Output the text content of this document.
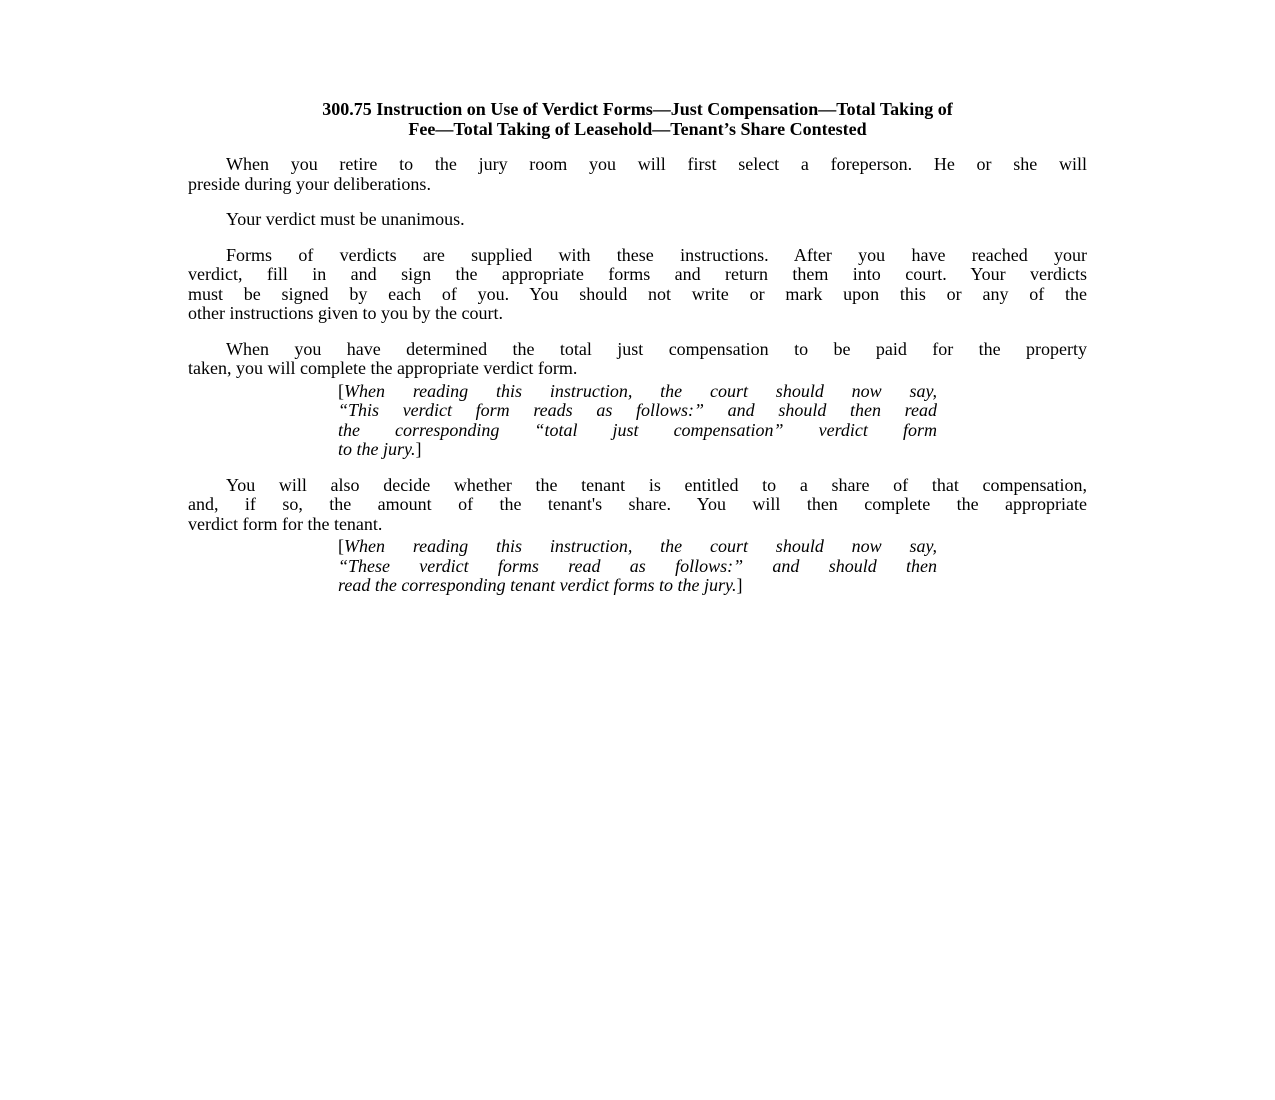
300.75 Instruction on Use of Verdict Forms—Just Compensation—Total Taking of
Fee—Total Taking of Leasehold—Tenant’s Share Contested
When you retire to the jury room you will first select a foreperson. He or she will
preside during your deliberations.
Your verdict must be unanimous.
Forms of verdicts are supplied with these instructions. After you have reached your
verdict, fill in and sign the appropriate forms and return them into court. Your verdicts
must be signed by each of you. You should not write or mark upon this or any of the
other instructions given to you by the court.
When you have determined the total just compensation to be paid for the property
taken, you will complete the appropriate verdict form.
[When reading this instruction, the court should now say,
“This verdict form reads as follows:” and should then read
the corresponding “total just compensation” verdict form
to the jury.]
You will also decide whether the tenant is entitled to a share of that compensation,
and, if so, the amount of the tenant's share. You will then complete the appropriate
verdict form for the tenant.
[When reading this instruction, the court should now say,
“These verdict forms read as follows:” and should then
read the corresponding tenant verdict forms to the jury.]
